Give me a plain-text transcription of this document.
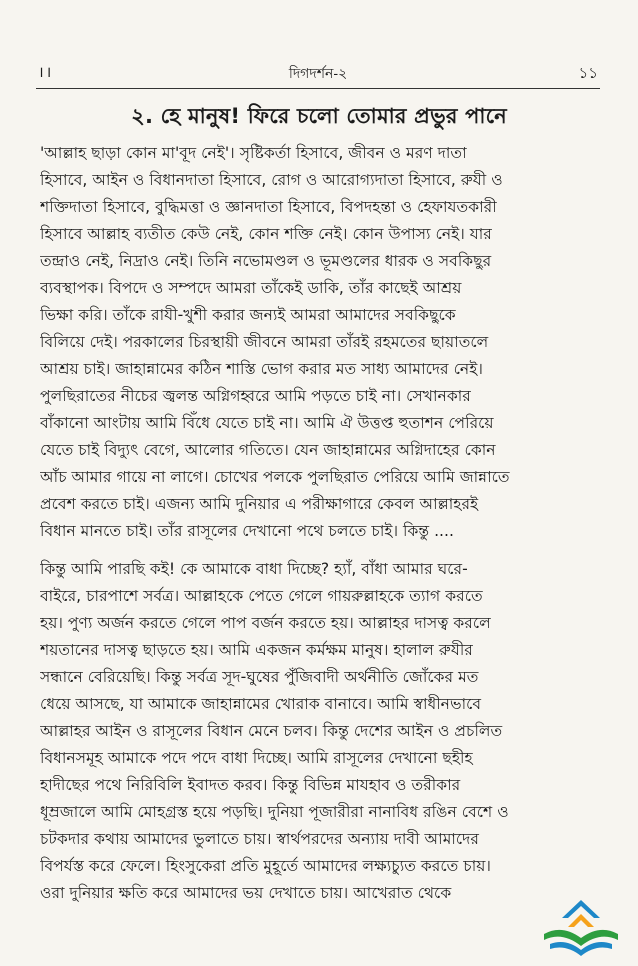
।।	দিগদর্শন-২	১১
২. হে মানুষ! ফিরে চলো তোমার প্রভুর পানে
'আল্লাহ ছাড়া কোন মা'বূদ নেই'। সৃষ্টিকর্তা হিসাবে, জীবন ও মরণ দাতা
হিসাবে, আইন ও বিধানদাতা হিসাবে, রোগ ও আরোগ্যদাতা হিসাবে, রুযী ও
শক্তিদাতা হিসাবে, বুদ্ধিমত্তা ও জ্ঞানদাতা হিসাবে, বিপদহন্তা ও হেফাযতকারী
হিসাবে আল্লাহ ব্যতীত কেউ নেই, কোন শক্তি নেই। কোন উপাস্য নেই। যার
তন্দ্রাও নেই, নিদ্রাও নেই। তিনি নভোমণ্ডল ও ভূমণ্ডলের ধারক ও সবকিছুর
ব্যবস্থাপক। বিপদে ও সম্পদে আমরা তাঁকেই ডাকি, তাঁর কাছেই আশ্রয়
ভিক্ষা করি। তাঁকে রাযী-খুশী করার জন্যই আমরা আমাদের সবকিছুকে
বিলিয়ে দেই। পরকালের চিরস্থায়ী জীবনে আমরা তাঁরই রহমতের ছায়াতলে
আশ্রয় চাই। জাহান্নামের কঠিন শাস্তি ভোগ করার মত সাধ্য আমাদের নেই।
পুলছিরাতের নীচের জ্বলন্ত অগ্নিগহ্বরে আমি পড়তে চাই না। সেখানকার
বাঁকানো আংটায় আমি বিঁধে যেতে চাই না। আমি ঐ উত্তপ্ত হুতাশন পেরিয়ে
যেতে চাই বিদ্যুৎ বেগে, আলোর গতিতে। যেন জাহান্নামের অগ্নিদাহের কোন
আঁচ আমার গায়ে না লাগে। চোখের পলকে পুলছিরাত পেরিয়ে আমি জান্নাতে
প্রবেশ করতে চাই। এজন্য আমি দুনিয়ার এ পরীক্ষাগারে কেবল আল্লাহরই
বিধান মানতে চাই। তাঁর রাসূলের দেখানো পথে চলতে চাই। কিন্তু ....
কিন্তু আমি পারছি কই! কে আমাকে বাধা দিচ্ছে? হ্যাঁ, বাঁধা আমার ঘরে-
বাইরে, চারপাশে সর্বত্র। আল্লাহকে পেতে গেলে গায়রুল্লাহকে ত্যাগ করতে
হয়। পুণ্য অর্জন করতে গেলে পাপ বর্জন করতে হয়। আল্লাহর দাসত্ব করলে
শয়তানের দাসত্ব ছাড়তে হয়। আমি একজন কর্মক্ষম মানুষ। হালাল রুযীর
সন্ধানে বেরিয়েছি। কিন্তু সর্বত্র সূদ-ঘুষের পুঁজিবাদী অর্থনীতি জোঁকের মত
ধেয়ে আসছে, যা আমাকে জাহান্নামের খোরাক বানাবে। আমি স্বাধীনভাবে
আল্লাহর আইন ও রাসূলের বিধান মেনে চলব। কিন্তু দেশের আইন ও প্রচলিত
বিধানসমূহ আমাকে পদে পদে বাধা দিচ্ছে। আমি রাসূলের দেখানো ছহীহ
হাদীছের পথে নিরিবিলি ইবাদত করব। কিন্তু বিভিন্ন মাযহাব ও তরীকার
ধূম্রজালে আমি মোহগ্রস্ত হয়ে পড়ছি। দুনিয়া পূজারীরা নানাবিধ রঙিন বেশে ও
চটকদার কথায় আমাদের ভুলাতে চায়। স্বার্থপরদের অন্যায় দাবী আমাদের
বিপর্যস্ত করে ফেলে। হিংসুকেরা প্রতি মুহূর্তে আমাদের লক্ষ্যচ্যুত করতে চায়।
ওরা দুনিয়ার ক্ষতি করে আমাদের ভয় দেখাতে চায়। আখেরাত থেকে
